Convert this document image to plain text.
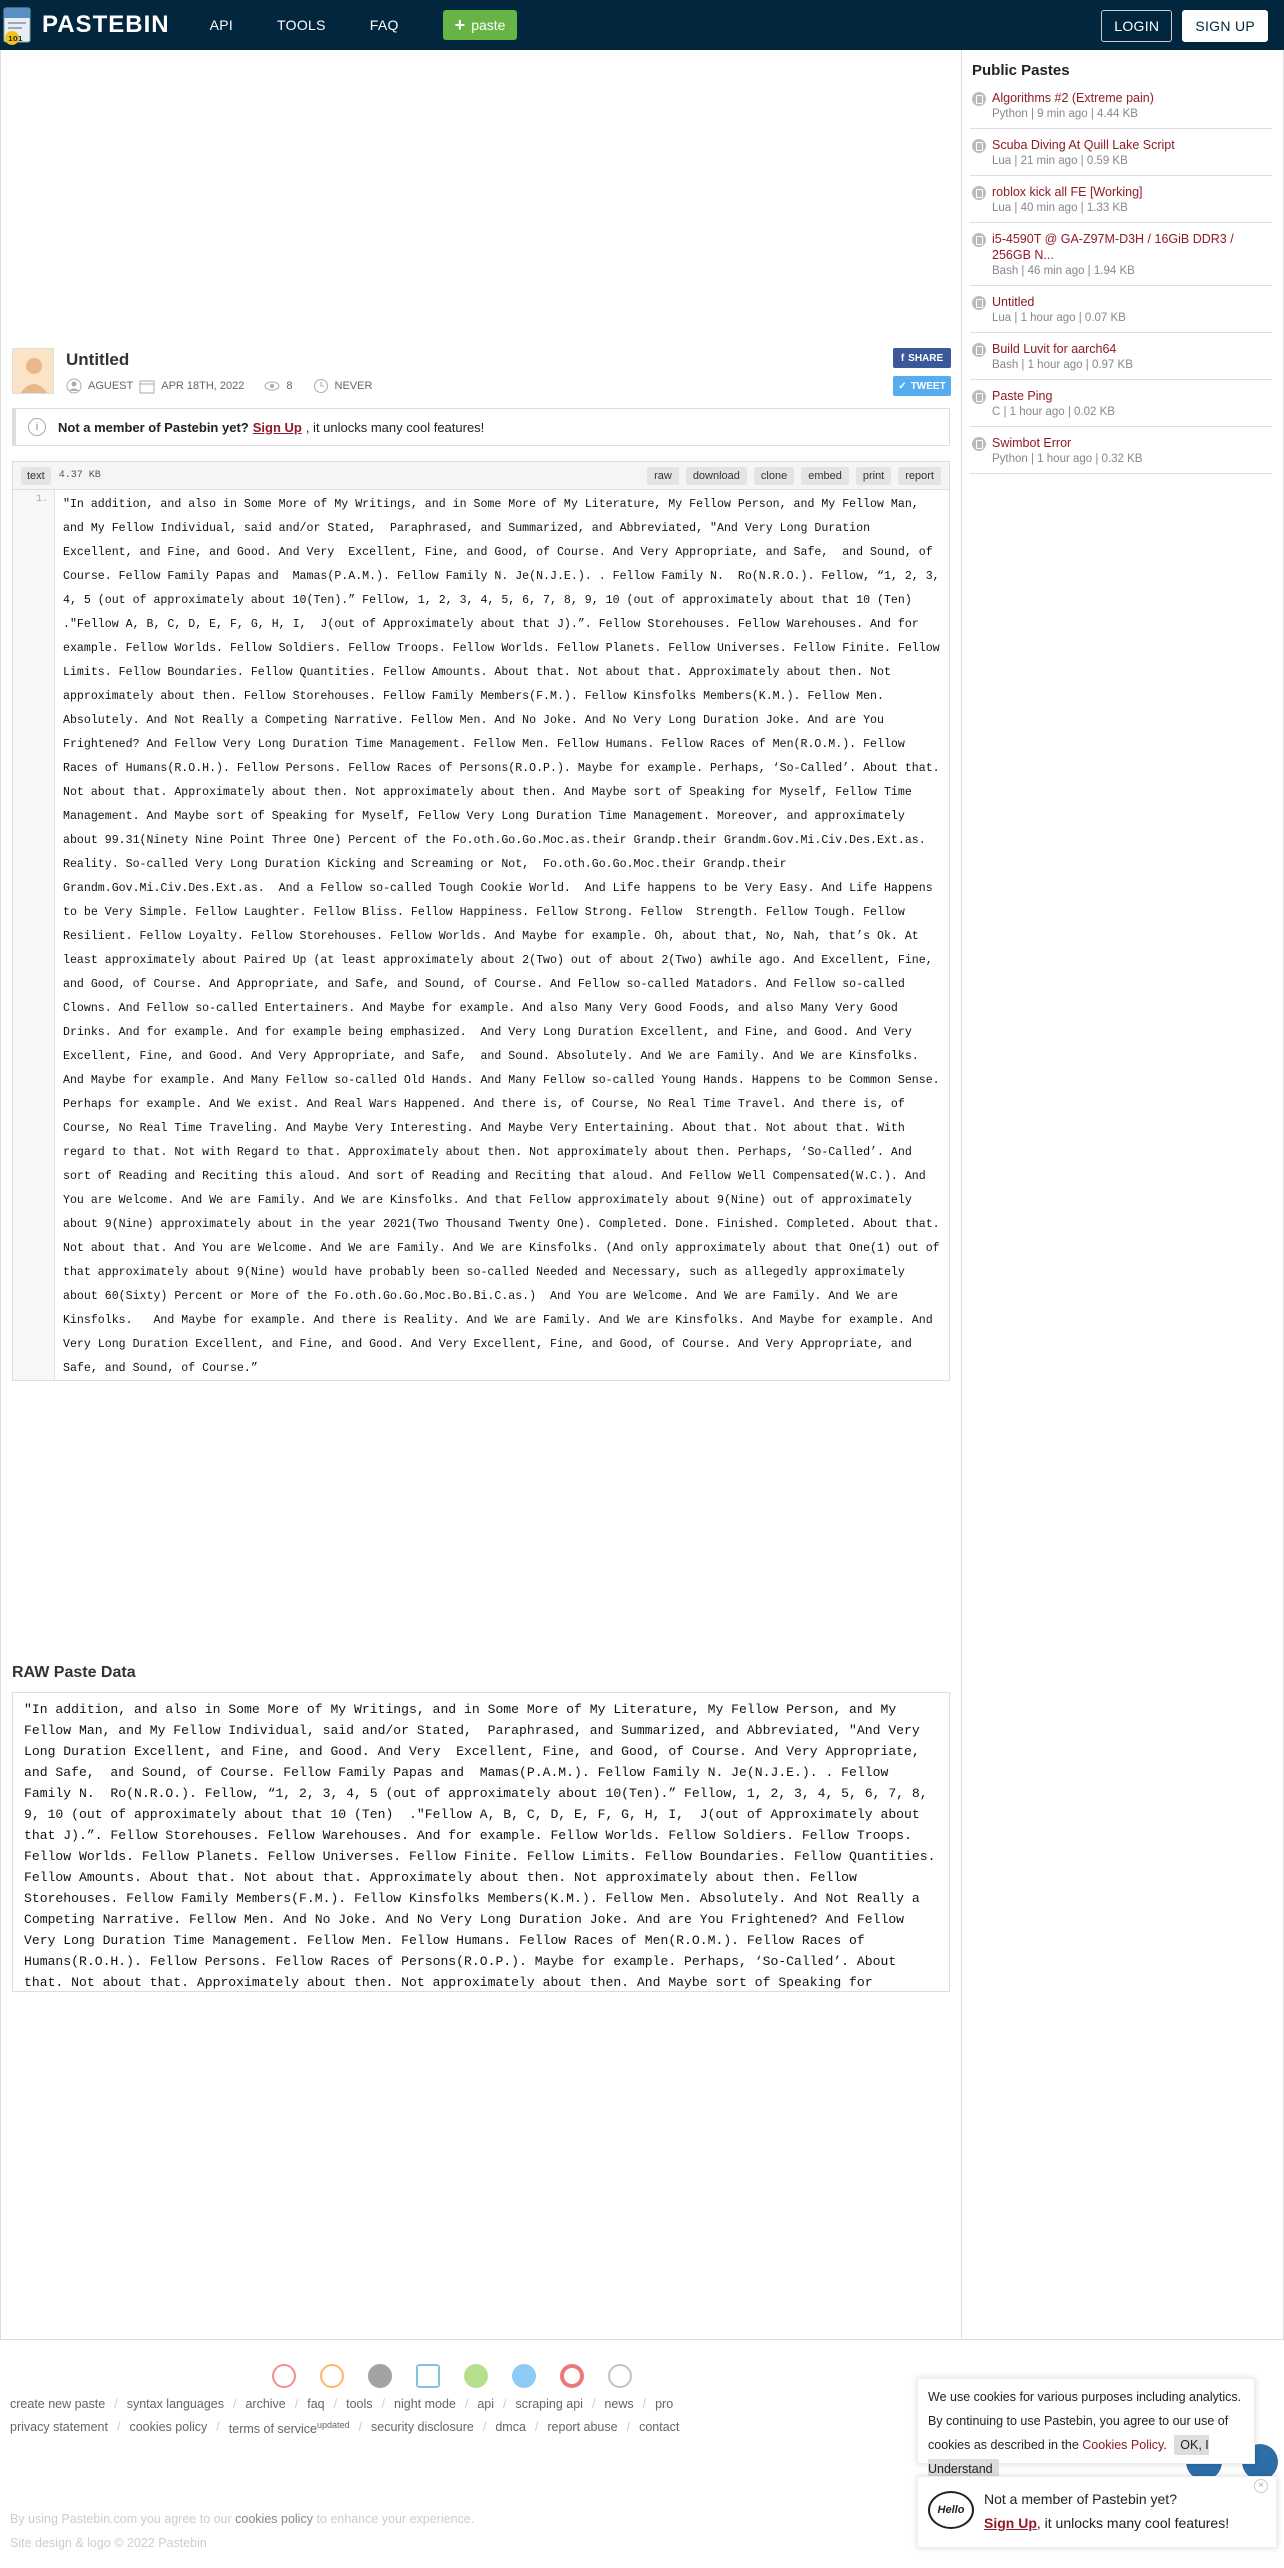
101
PASTEBIN	API	TOOLS	FAQ	+ paste	LOGIN	SIGN UP
Untitled
AGUEST	APR 18TH, 2022	8	NEVER
f SHARE
✓ TWEET
i	Not a member of Pastebin yet? Sign Up , it unlocks many cool features!
text	4.37 KB	raw	download	clone	embed	print	report
1.	"In addition, and also in Some More of My Writings, and in Some More of My Literature, My Fellow Person, and My Fellow Man, and My Fellow Individual, said and/or Stated,  Paraphrased, and Summarized, and Abbreviated, "And Very Long Duration Excellent, and Fine, and Good. And Very  Excellent, Fine, and Good, of Course. And Very Appropriate, and Safe,  and Sound, of Course. Fellow Family Papas and  Mamas(P.A.M.). Fellow Family N. Je(N.J.E.). . Fellow Family N.  Ro(N.R.O.). Fellow, “1, 2, 3, 4, 5 (out of approximately about 10(Ten).” Fellow, 1, 2, 3, 4, 5, 6, 7, 8, 9, 10 (out of approximately about that 10 (Ten)  ."Fellow A, B, C, D, E, F, G, H, I,  J(out of Approximately about that J).”. Fellow Storehouses. Fellow Warehouses. And for example. Fellow Worlds. Fellow Soldiers. Fellow Troops. Fellow Worlds. Fellow Planets. Fellow Universes. Fellow Finite. Fellow Limits. Fellow Boundaries. Fellow Quantities. Fellow Amounts. About that. Not about that. Approximately about then. Not approximately about then. Fellow Storehouses. Fellow Family Members(F.M.). Fellow Kinsfolks Members(K.M.). Fellow Men. Absolutely. And Not Really a Competing Narrative. Fellow Men. And No Joke. And No Very Long Duration Joke. And are You Frightened? And Fellow Very Long Duration Time Management. Fellow Men. Fellow Humans. Fellow Races of Men(R.O.M.). Fellow Races of Humans(R.O.H.). Fellow Persons. Fellow Races of Persons(R.O.P.). Maybe for example. Perhaps, ‘So-Called’. About that. Not about that. Approximately about then. Not approximately about then. And Maybe sort of Speaking for Myself, Fellow Time Management. And Maybe sort of Speaking for Myself, Fellow Very Long Duration Time Management. Moreover, and approximately about 99.31(Ninety Nine Point Three One) Percent of the Fo.oth.Go.Go.Moc.as.their Grandp.their Grandm.Gov.Mi.Civ.Des.Ext.as. Reality. So-called Very Long Duration Kicking and Screaming or Not,  Fo.oth.Go.Go.Moc.their Grandp.their Grandm.Gov.Mi.Civ.Des.Ext.as.  And a Fellow so-called Tough Cookie World.  And Life happens to be Very Easy. And Life Happens to be Very Simple. Fellow Laughter. Fellow Bliss. Fellow Happiness. Fellow Strong. Fellow  Strength. Fellow Tough. Fellow Resilient. Fellow Loyalty. Fellow Storehouses. Fellow Worlds. And Maybe for example. Oh, about that, No, Nah, that’s Ok. At least approximately about Paired Up (at least approximately about 2(Two) out of about 2(Two) awhile ago. And Excellent, Fine, and Good, of Course. And Appropriate, and Safe, and Sound, of Course. And Fellow so-called Matadors. And Fellow so-called Clowns. And Fellow so-called Entertainers. And Maybe for example. And also Many Very Good Foods, and also Many Very Good Drinks. And for example. And for example being emphasized.  And Very Long Duration Excellent, and Fine, and Good. And Very  Excellent, Fine, and Good. And Very Appropriate, and Safe,  and Sound. Absolutely. And We are Family. And We are Kinsfolks. And Maybe for example. And Many Fellow so-called Old Hands. And Many Fellow so-called Young Hands. Happens to be Common Sense. Perhaps for example. And We exist. And Real Wars Happened. And there is, of Course, No Real Time Travel. And there is, of Course, No Real Time Traveling. And Maybe Very Interesting. And Maybe Very Entertaining. About that. Not about that. With regard to that. Not with Regard to that. Approximately about then. Not approximately about then. Perhaps, ‘So-Called’. And sort of Reading and Reciting this aloud. And sort of Reading and Reciting that aloud. And Fellow Well Compensated(W.C.). And You are Welcome. And We are Family. And We are Kinsfolks. And that Fellow approximately about 9(Nine) out of approximately about 9(Nine) approximately about in the year 2021(Two Thousand Twenty One). Completed. Done. Finished. Completed. About that. Not about that. And You are Welcome. And We are Family. And We are Kinsfolks. (And only approximately about that One(1) out of that approximately about 9(Nine) would have probably been so-called Needed and Necessary, such as allegedly approximately about 60(Sixty) Percent or More of the Fo.oth.Go.Go.Moc.Bo.Bi.C.as.)  And You are Welcome. And We are Family. And We are Kinsfolks.   And Maybe for example. And there is Reality. And We are Family. And We are Kinsfolks. And Maybe for example. And Very Long Duration Excellent, and Fine, and Good. And Very Excellent, Fine, and Good, of Course. And Very Appropriate, and Safe, and Sound, of Course.”
RAW Paste Data
"In addition, and also in Some More of My Writings, and in Some More of My Literature, My Fellow Person, and My Fellow Man, and My Fellow Individual, said and/or Stated,  Paraphrased, and Summarized, and Abbreviated, "And Very Long Duration Excellent, and Fine, and Good. And Very  Excellent, Fine, and Good, of Course. And Very Appropriate, and Safe,  and Sound, of Course. Fellow Family Papas and  Mamas(P.A.M.). Fellow Family N. Je(N.J.E.). . Fellow Family N.  Ro(N.R.O.). Fellow, “1, 2, 3, 4, 5 (out of approximately about 10(Ten).” Fellow, 1, 2, 3, 4, 5, 6, 7, 8, 9, 10 (out of approximately about that 10 (Ten)  ."Fellow A, B, C, D, E, F, G, H, I,  J(out of Approximately about that J).”. Fellow Storehouses. Fellow Warehouses. And for example. Fellow Worlds. Fellow Soldiers. Fellow Troops. Fellow Worlds. Fellow Planets. Fellow Universes. Fellow Finite. Fellow Limits. Fellow Boundaries. Fellow Quantities. Fellow Amounts. About that. Not about that. Approximately about then. Not approximately about then. Fellow Storehouses. Fellow Family Members(F.M.). Fellow Kinsfolks Members(K.M.). Fellow Men. Absolutely. And Not Really a Competing Narrative. Fellow Men. And No Joke. And No Very Long Duration Joke. And are You Frightened? And Fellow Very Long Duration Time Management. Fellow Men. Fellow Humans. Fellow Races of Men(R.O.M.). Fellow Races of Humans(R.O.H.). Fellow Persons. Fellow Races of Persons(R.O.P.). Maybe for example. Perhaps, ‘So-Called’. About that. Not about that. Approximately about then. Not approximately about then. And Maybe sort of Speaking for
Public Pastes
Algorithms #2 (Extreme pain)
Python | 9 min ago | 4.44 KB
Scuba Diving At Quill Lake Script
Lua | 21 min ago | 0.59 KB
roblox kick all FE [Working]
Lua | 40 min ago | 1.33 KB
i5-4590T @ GA-Z97M-D3H / 16GiB DDR3 / 256GB N...
Bash | 46 min ago | 1.94 KB
Untitled
Lua | 1 hour ago | 0.07 KB
Build Luvit for aarch64
Bash | 1 hour ago | 0.97 KB
Paste Ping
C | 1 hour ago | 0.02 KB
Swimbot Error
Python | 1 hour ago | 0.32 KB
create new paste / syntax languages / archive / faq / tools / night mode / api / scraping api / news / pro
privacy statement / cookies policy / terms of service$^{updated}$ / security disclosure / dmca / report abuse / contact
By using Pastebin.com you agree to our cookies policy to enhance your experience.
Site design & logo © 2022 Pastebin
We use cookies for various purposes including analytics. By continuing to use Pastebin, you agree to our use of cookies as described in the Cookies Policy. OK, I Understand
Hello
Not a member of Pastebin yet?
Sign Up, it unlocks many cool features!
×
